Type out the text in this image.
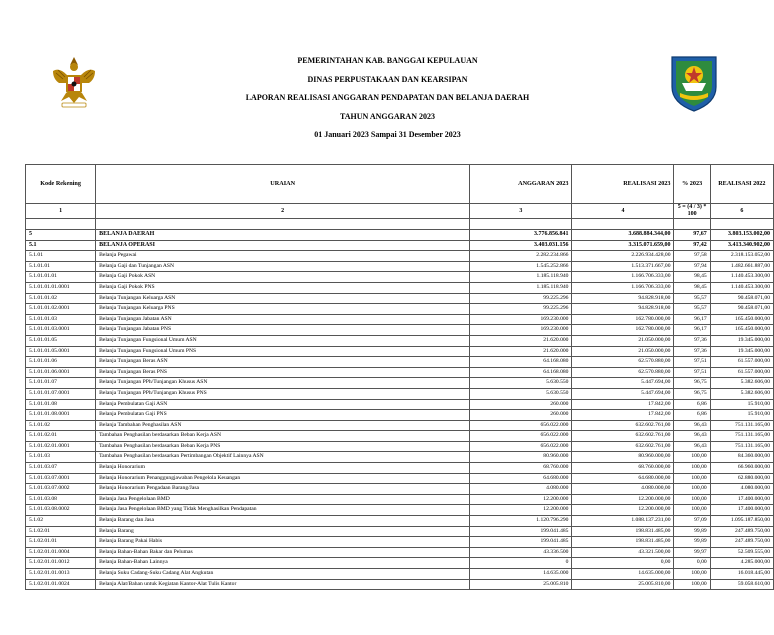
PEMERINTAHAN KAB. BANGGAI KEPULAUAN
DINAS PERPUSTAKAAN DAN KEARSIPAN
LAPORAN REALISASI ANGGARAN PENDAPATAN DAN BELANJA DAERAH
TAHUN ANGGARAN 2023
01 Januari 2023 Sampai 31 Desember 2023
Kode Rekening	URAIAN	ANGGARAN 2023	REALISASI 2023	% 2023	REALISASI 2022
1	2	3	4	5 = (4 / 3) * 100	6

5	BELANJA DAERAH	3.776.856.841	3.688.884.344,00	97,67	3.803.153.002,00
5.1	BELANJA OPERASI	3.403.031.156	3.315.071.659,00	97,42	3.413.340.902,00
5.1.01	Belanja Pegawai	2.282.234.866	2.226.934.428,00	97,58	2.318.153.052,00
5.1.01.01	Belanja Gaji dan Tunjangan ASN	1.545.252.866	1.513.371.667,00	97,94	1.482.661.887,00
5.1.01.01.01	Belanja Gaji Pokok ASN	1.185.118.940	1.166.706.333,00	98,45	1.140.453.300,00
5.1.01.01.01.0001	Belanja Gaji Pokok PNS	1.185.118.940	1.166.706.333,00	98,45	1.140.453.300,00
5.1.01.01.02	Belanja Tunjangan Keluarga ASN	99.225.296	94.828.918,00	95,57	90.458.071,00
5.1.01.01.02.0001	Belanja Tunjangan Keluarga PNS	99.225.296	94.828.918,00	95,57	90.458.071,00
5.1.01.01.03	Belanja Tunjangan Jabatan ASN	169.230.000	162.780.000,00	96,17	165.450.000,00
5.1.01.01.03.0001	Belanja Tunjangan Jabatan PNS	169.230.000	162.780.000,00	96,17	165.450.000,00
5.1.01.01.05	Belanja Tunjangan Fungsional Umum ASN	21.620.000	21.050.000,00	97,36	19.345.000,00
5.1.01.01.05.0001	Belanja Tunjangan Fungsional Umum PNS	21.620.000	21.050.000,00	97,36	19.345.000,00
5.1.01.01.06	Belanja Tunjangan Beras ASN	64.168.080	62.570.880,00	97,51	61.557.000,00
5.1.01.01.06.0001	Belanja Tunjangan Beras PNS	64.168.080	62.570.880,00	97,51	61.557.000,00
5.1.01.01.07	Belanja Tunjangan PPh/Tunjangan Khusus ASN	5.630.550	5.447.694,00	96,75	5.382.606,00
5.1.01.01.07.0001	Belanja Tunjangan PPh/Tunjangan Khusus PNS	5.630.550	5.447.694,00	96,75	5.382.606,00
5.1.01.01.08	Belanja Pembulatan Gaji ASN	260.000	17.842,00	6,86	15.910,00
5.1.01.01.08.0001	Belanja Pembulatan Gaji PNS	260.000	17.842,00	6,86	15.910,00
5.1.01.02	Belanja Tambahan Penghasilan ASN	656.022.000	632.602.761,00	96,43	751.131.165,00
5.1.01.02.01	Tambahan Penghasilan berdasarkan Beban Kerja ASN	656.022.000	632.602.761,00	96,43	751.131.165,00
5.1.01.02.01.0001	Tambahan Penghasilan berdasarkan Beban Kerja PNS	656.022.000	632.602.761,00	96,43	751.131.165,00
5.1.01.03	Tambahan Penghasilan berdasarkan Pertimbangan Objektif Lainnya ASN	80.960.000	80.960.000,00	100,00	84.360.000,00
5.1.01.03.07	Belanja Honorarium	68.760.000	68.760.000,00	100,00	66.960.000,00
5.1.01.03.07.0001	Belanja Honorarium Penanggungjawaban Pengelola Keuangan	64.680.000	64.680.000,00	100,00	62.880.000,00
5.1.01.03.07.0002	Belanja Honorarium Pengadaan Barang/Jasa	4.080.000	4.080.000,00	100,00	4.080.000,00
5.1.01.03.08	Belanja Jasa Pengelolaan BMD	12.200.000	12.200.000,00	100,00	17.400.000,00
5.1.01.03.08.0002	Belanja Jasa Pengelolaan BMD yang Tidak Menghasilkan Pendapatan	12.200.000	12.200.000,00	100,00	17.400.000,00
5.1.02	Belanja Barang dan Jasa	1.120.796.290	1.088.137.231,00	97,09	1.095.187.850,00
5.1.02.01	Belanja Barang	199.041.485	198.831.485,00	99,89	247.489.750,00
5.1.02.01.01	Belanja Barang Pakai Habis	199.041.485	198.831.485,00	99,89	247.489.750,00
5.1.02.01.01.0004	Belanja Bahan-Bahan Bakar dan Pelumas	43.336.500	43.321.500,00	99,97	52.509.555,00
5.1.02.01.01.0012	Belanja Bahan-Bahan Lainnya	0	0,00	0,00	4.285.000,00
5.1.02.01.01.0013	Belanja Suku Cadang-Suku Cadang Alat Angkutan	14.635.000	14.635.000,00	100,00	16.018.445,00
5.1.02.01.01.0024	Belanja Alat/Bahan untuk Kegiatan Kantor-Alat Tulis Kantor	25.005.810	25.005.810,00	100,00	59.058.610,00
